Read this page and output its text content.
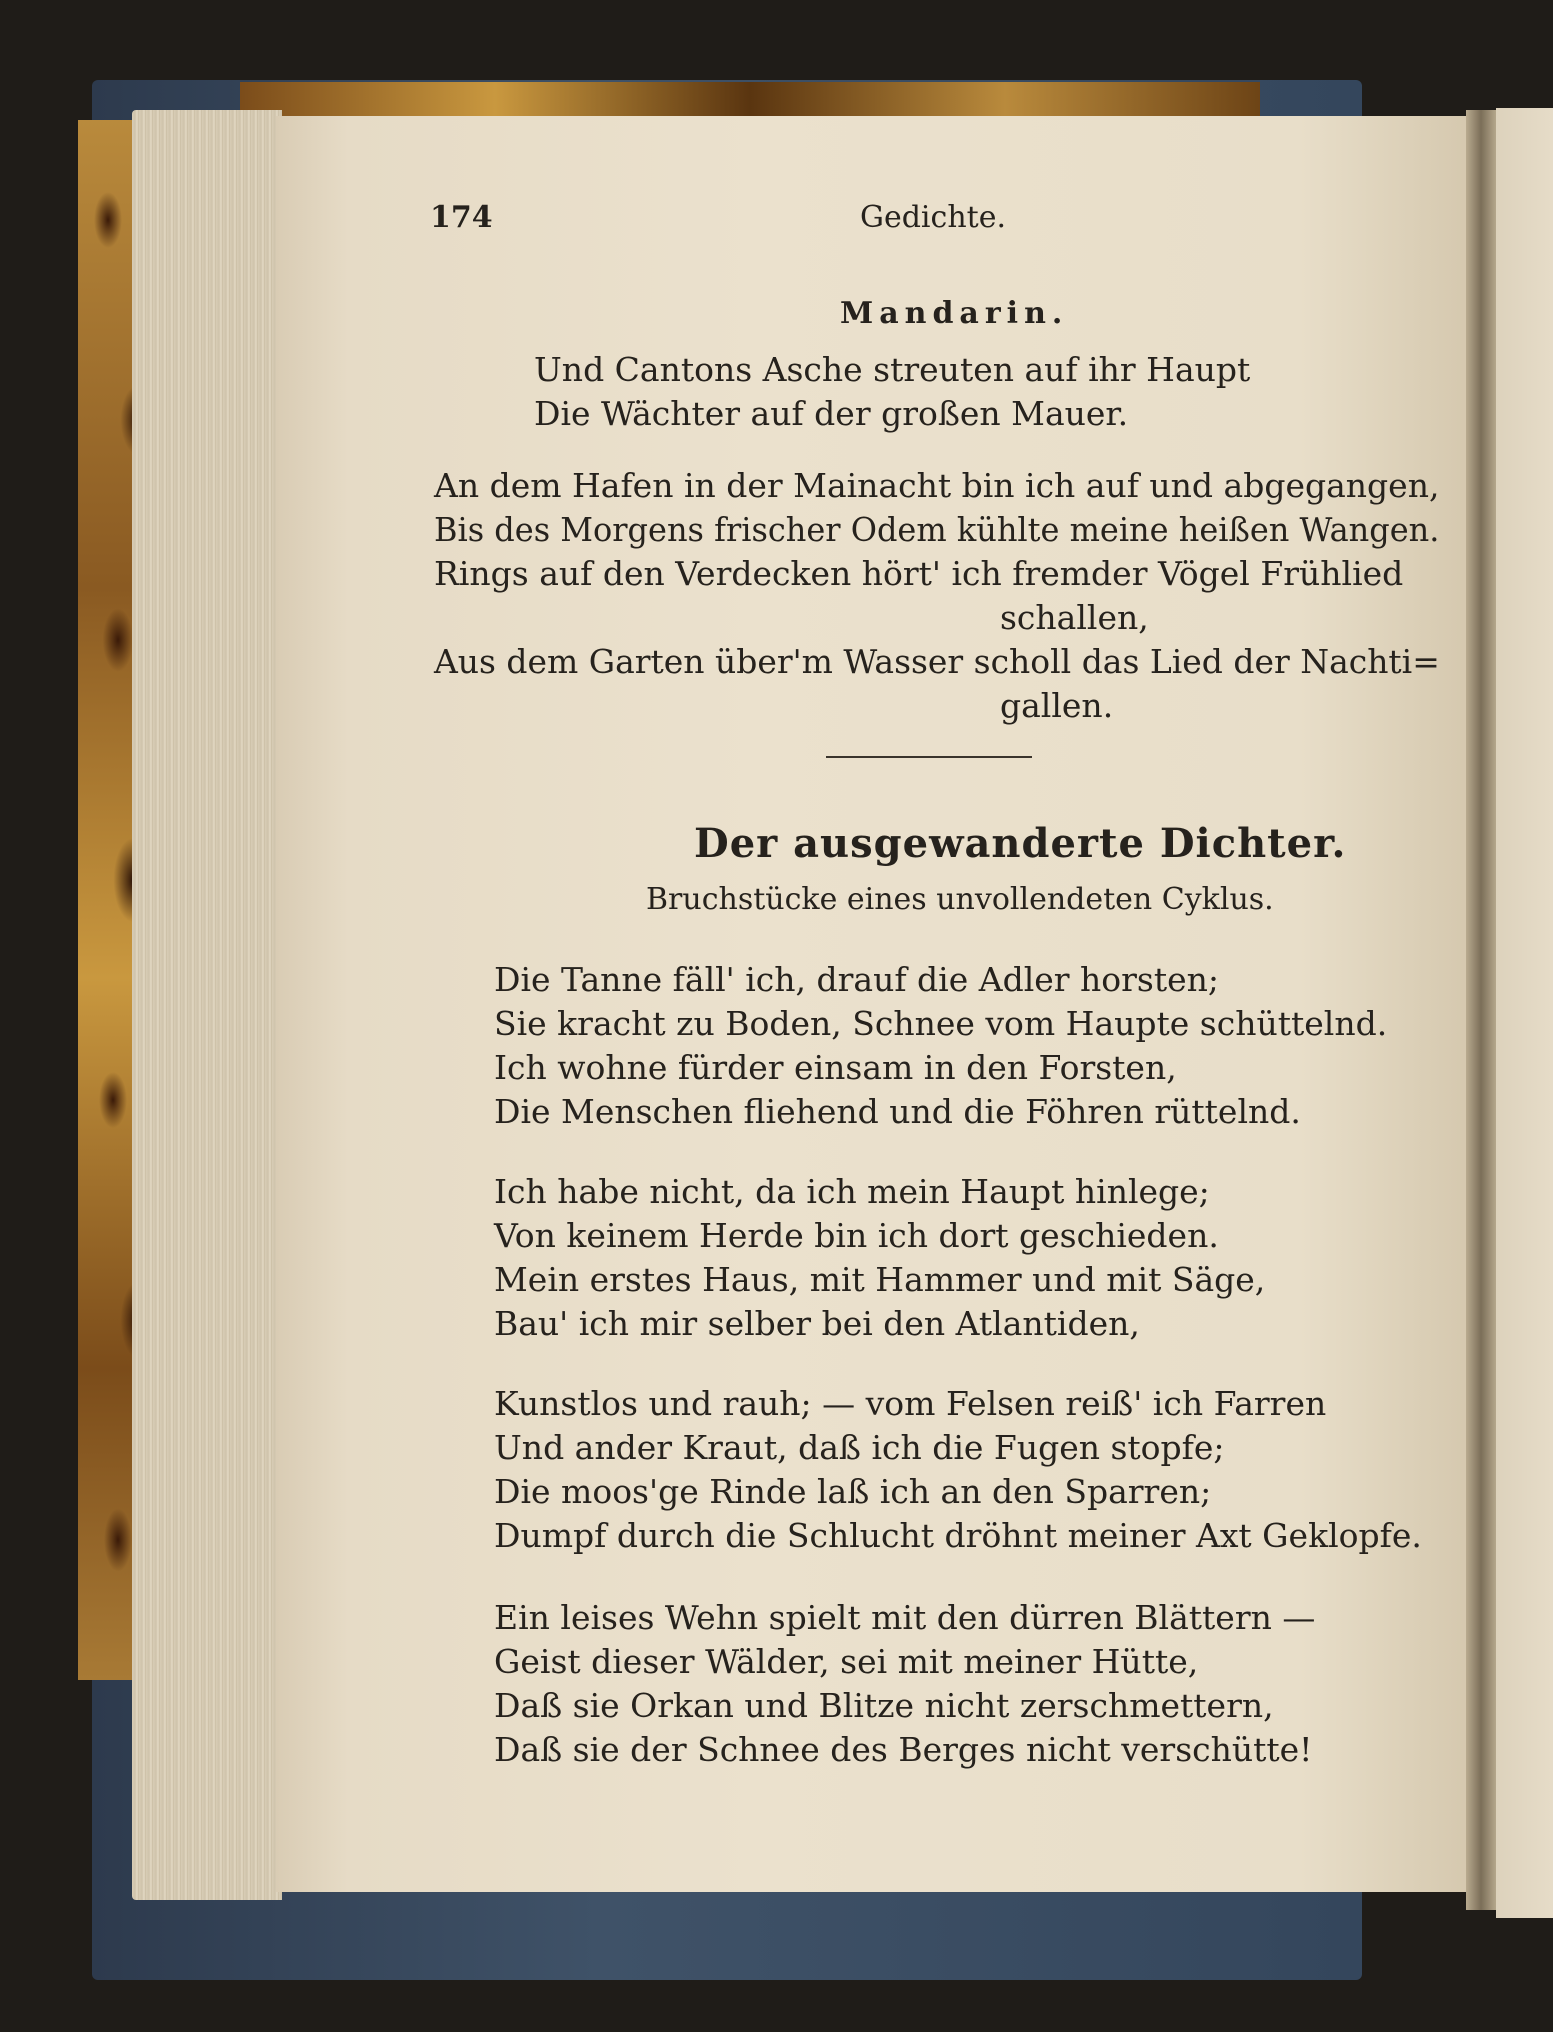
174	Gedichte.
Mandarin.
Und Cantons Asche streuten auf ihr Haupt
Die Wächter auf der großen Mauer.
An dem Hafen in der Mainacht bin ich auf und abgegangen,
Bis des Morgens frischer Odem kühlte meine heißen Wangen.
Rings auf den Verdecken hört' ich fremder Vögel Frühlied
schallen,
Aus dem Garten über'm Wasser scholl das Lied der Nachti=
gallen.
Der ausgewanderte Dichter.
Bruchstücke eines unvollendeten Cyklus.
Die Tanne fäll' ich, drauf die Adler horsten;
Sie kracht zu Boden, Schnee vom Haupte schüttelnd.
Ich wohne fürder einsam in den Forsten,
Die Menschen fliehend und die Föhren rüttelnd.
Ich habe nicht, da ich mein Haupt hinlege;
Von keinem Herde bin ich dort geschieden.
Mein erstes Haus, mit Hammer und mit Säge,
Bau' ich mir selber bei den Atlantiden,
Kunstlos und rauh; — vom Felsen reiß' ich Farren
Und ander Kraut, daß ich die Fugen stopfe;
Die moos'ge Rinde laß ich an den Sparren;
Dumpf durch die Schlucht dröhnt meiner Axt Geklopfe.
Ein leises Wehn spielt mit den dürren Blättern —
Geist dieser Wälder, sei mit meiner Hütte,
Daß sie Orkan und Blitze nicht zerschmettern,
Daß sie der Schnee des Berges nicht verschütte!
